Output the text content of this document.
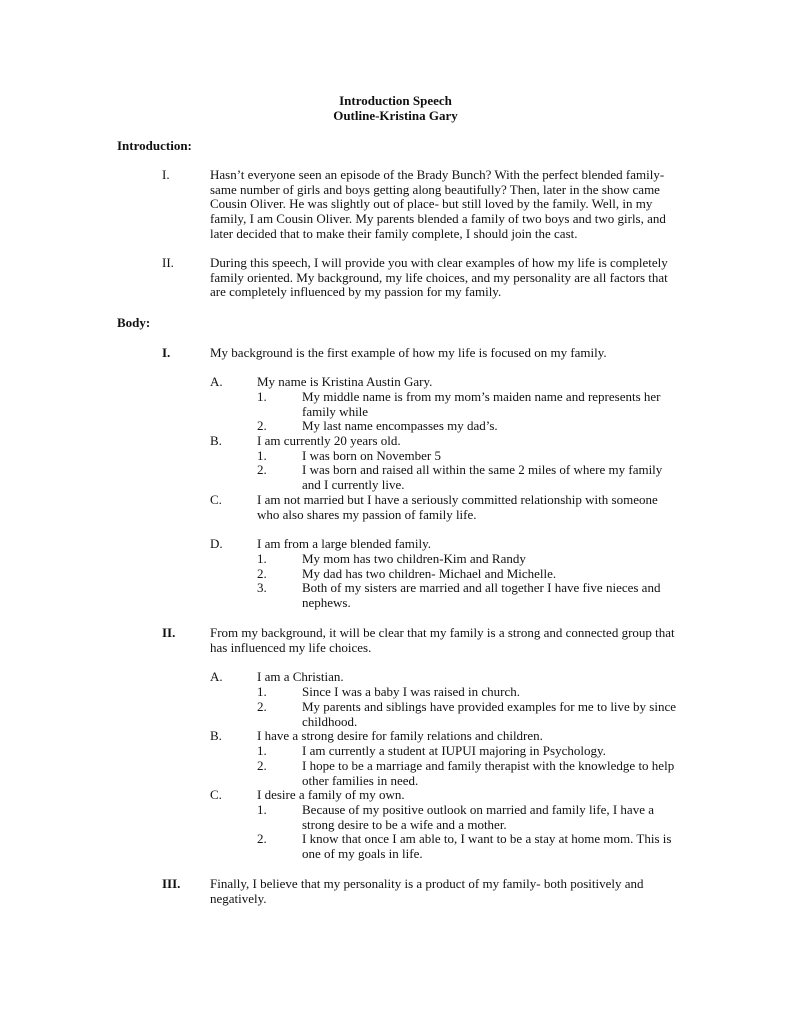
Introduction Speech
Outline-Kristina Gary
Introduction:
I.	Hasn’t everyone seen an episode of the Brady Bunch? With the perfect blended family-same number of girls and boys getting along beautifully? Then, later in the show came Cousin Oliver. He was slightly out of place- but still loved by the family. Well, in my family, I am Cousin Oliver. My parents blended a family of two boys and two girls, and later decided that to make their family complete, I should join the cast.
II.	During this speech, I will provide you with clear examples of how my life is completely family oriented. My background, my life choices, and my personality are all factors that are completely influenced by my passion for my family.
Body:
I.	My background is the first example of how my life is focused on my family.
A.	My name is Kristina Austin Gary.
1.	My middle name is from my mom’s maiden name and represents her family while
2.	My last name encompasses my dad’s.
B.	I am currently 20 years old.
1.	I was born on November 5
2.	I was born and raised all within the same 2 miles of where my family and I currently live.
C.	I am not married but I have a seriously committed relationship with someone who also shares my passion of family life.
D.	I am from a large blended family.
1.	My mom has two children-Kim and Randy
2.	My dad has two children- Michael and Michelle.
3.	Both of my sisters are married and all together I have five nieces and nephews.
II.	From my background, it will be clear that my family is a strong and connected group that has influenced my life choices.
A.	I am a Christian.
1.	Since I was a baby I was raised in church.
2.	My parents and siblings have provided examples for me to live by since childhood.
B.	I have a strong desire for family relations and children.
1.	I am currently a student at IUPUI majoring in Psychology.
2.	I hope to be a marriage and family therapist with the knowledge to help other families in need.
C.	I desire a family of my own.
1.	Because of my positive outlook on married and family life, I have a strong desire to be a wife and a mother.
2.	I know that once I am able to, I want to be a stay at home mom. This is one of my goals in life.
III. Finally, I believe that my personality is a product of my family- both positively and negatively.
